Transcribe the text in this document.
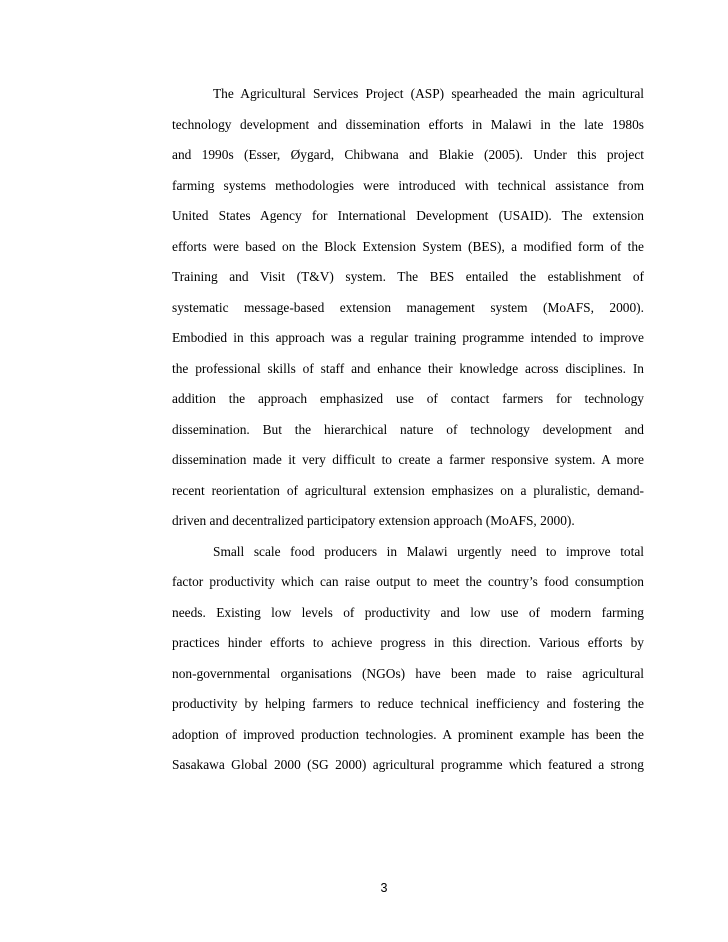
The Agricultural Services Project (ASP) spearheaded the main agricultural
technology development and dissemination efforts in Malawi in the late 1980s
and 1990s (Esser, Øygard, Chibwana and Blakie (2005). Under this project
farming systems methodologies were introduced with technical assistance from
United States Agency for International Development (USAID). The extension
efforts were based on the Block Extension System (BES), a modified form of the
Training and Visit (T&V) system. The BES entailed the establishment of
systematic message-based extension management system (MoAFS, 2000).
Embodied in this approach was a regular training programme intended to improve
the professional skills of staff and enhance their knowledge across disciplines. In
addition the approach emphasized use of contact farmers for technology
dissemination. But the hierarchical nature of technology development and
dissemination made it very difficult to create a farmer responsive system. A more
recent reorientation of agricultural extension emphasizes on a pluralistic, demand-
driven and decentralized participatory extension approach (MoAFS, 2000).
Small scale food producers in Malawi urgently need to improve total
factor productivity which can raise output to meet the country’s food consumption
needs. Existing low levels of productivity and low use of modern farming
practices hinder efforts to achieve progress in this direction. Various efforts by
non-governmental organisations (NGOs) have been made to raise agricultural
productivity by helping farmers to reduce technical inefficiency and fostering the
adoption of improved production technologies. A prominent example has been the
Sasakawa Global 2000 (SG 2000) agricultural programme which featured a strong
3
